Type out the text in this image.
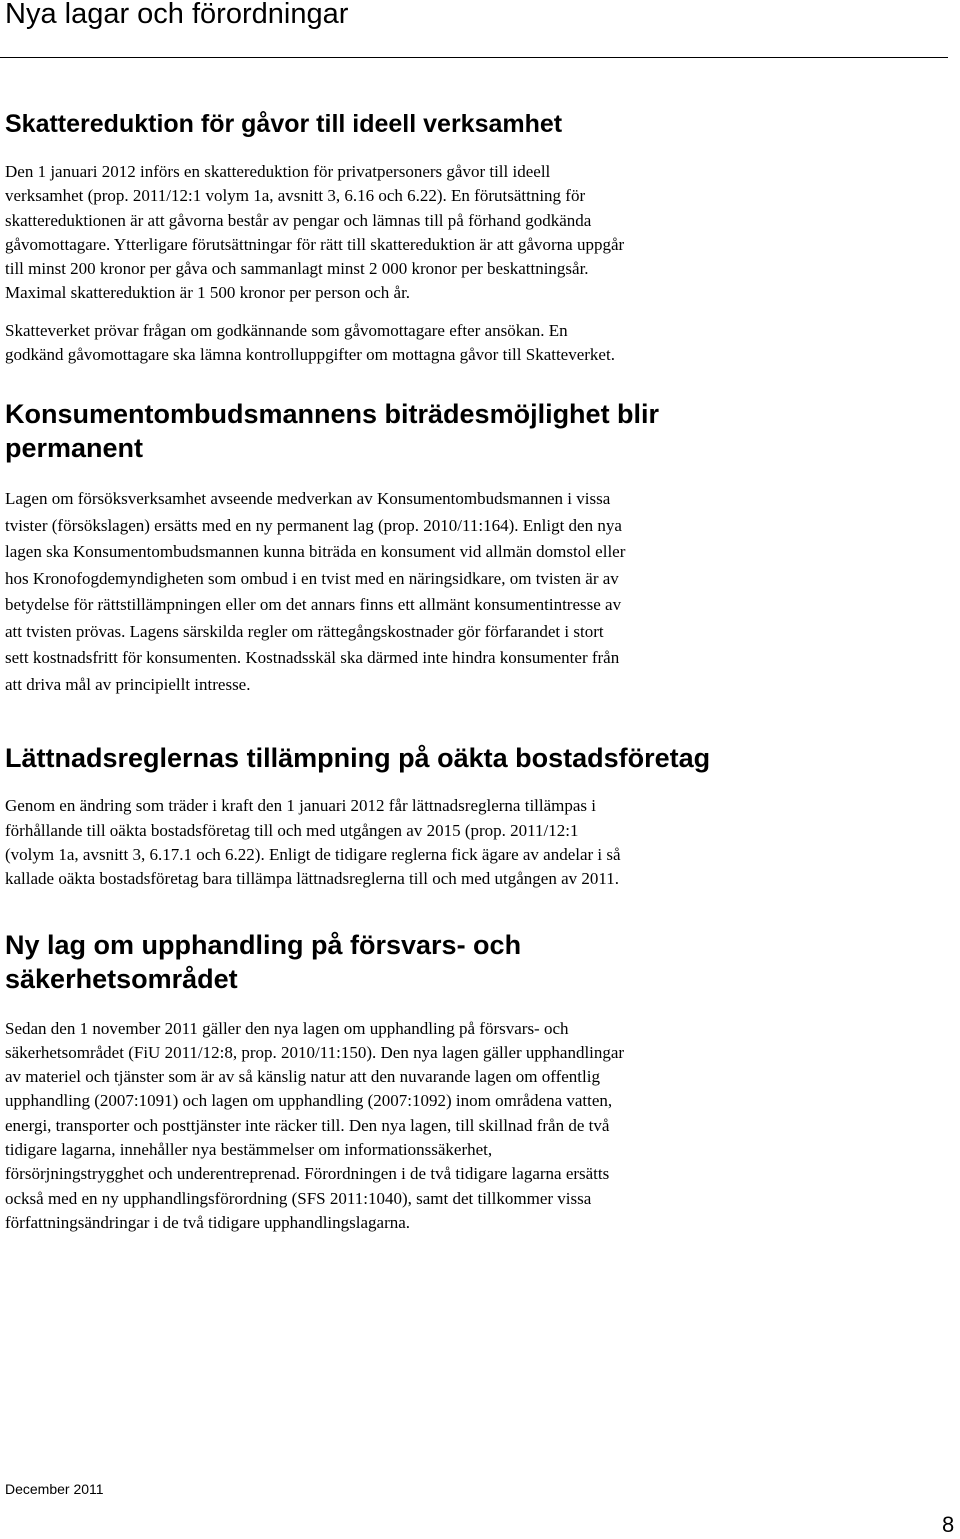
Nya lagar och förordningar
Skattereduktion för gåvor till ideell verksamhet

Den 1 januari 2012 införs en skattereduktion för privatpersoners gåvor till ideell
verksamhet (prop. 2011/12:1 volym 1a, avsnitt 3, 6.16 och 6.22). En förutsättning för
skattereduktionen är att gåvorna består av pengar och lämnas till på förhand godkända
gåvomottagare. Ytterligare förutsättningar för rätt till skattereduktion är att gåvorna uppgår
till minst 200 kronor per gåva och sammanlagt minst 2 000 kronor per beskattningsår.
Maximal skattereduktion är 1 500 kronor per person och år.

Skatteverket prövar frågan om godkännande som gåvomottagare efter ansökan. En
godkänd gåvomottagare ska lämna kontrolluppgifter om mottagna gåvor till Skatteverket.

Konsumentombudsmannens biträdesmöjlighet blir
permanent

Lagen om försöksverksamhet avseende medverkan av Konsumentombudsmannen i vissa
tvister (försökslagen) ersätts med en ny permanent lag (prop. 2010/11:164). Enligt den nya
lagen ska Konsumentombudsmannen kunna biträda en konsument vid allmän domstol eller
hos Kronofogdemyndigheten som ombud i en tvist med en näringsidkare, om tvisten är av
betydelse för rättstillämpningen eller om det annars finns ett allmänt konsumentintresse av
att tvisten prövas. Lagens särskilda regler om rättegångskostnader gör förfarandet i stort
sett kostnadsfritt för konsumenten. Kostnadsskäl ska därmed inte hindra konsumenter från
att driva mål av principiellt intresse.

Lättnadsreglernas tillämpning på oäkta bostadsföretag

Genom en ändring som träder i kraft den 1 januari 2012 får lättnadsreglerna tillämpas i
förhållande till oäkta bostadsföretag till och med utgången av 2015 (prop. 2011/12:1
(volym 1a, avsnitt 3, 6.17.1 och 6.22). Enligt de tidigare reglerna fick ägare av andelar i så
kallade oäkta bostadsföretag bara tillämpa lättnadsreglerna till och med utgången av 2011.

Ny lag om upphandling på försvars- och
säkerhetsområdet

Sedan den 1 november 2011 gäller den nya lagen om upphandling på försvars- och
säkerhetsområdet (FiU 2011/12:8, prop. 2010/11:150). Den nya lagen gäller upphandlingar
av materiel och tjänster som är av så känslig natur att den nuvarande lagen om offentlig
upphandling (2007:1091) och lagen om upphandling (2007:1092) inom områdena vatten,
energi, transporter och posttjänster inte räcker till. Den nya lagen, till skillnad från de två
tidigare lagarna, innehåller nya bestämmelser om informationssäkerhet,
försörjningstrygghet och underentreprenad. Förordningen i de två tidigare lagarna ersätts
också med en ny upphandlingsförordning (SFS 2011:1040), samt det tillkommer vissa
författningsändringar i de två tidigare upphandlingslagarna.

December 2011
8
